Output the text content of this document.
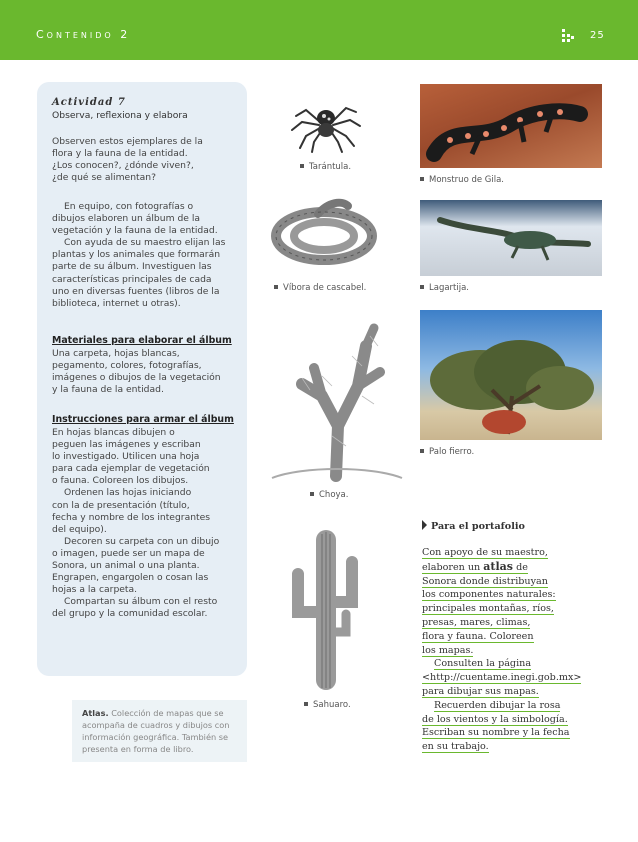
Contenido 2	25
Actividad 7
Observa, reflexiona y elabora

Observen estos ejemplares de la

flora y la fauna de la entidad.

¿Los conocen?, ¿dónde viven?,

¿de qué se alimentan?

En equipo, con fotografías o

dibujos elaboren un álbum de la

vegetación y la fauna de la entidad.

Con ayuda de su maestro elijan las

plantas y los animales que formarán

parte de su álbum. Investiguen las

características principales de cada

uno en diversas fuentes (libros de la

biblioteca, internet u otras).

Materiales para elaborar el álbum

Una carpeta, hojas blancas,

pegamento, colores, fotografías,

imágenes o dibujos de la vegetación

y la fauna de la entidad.

Instrucciones para armar el álbum

En hojas blancas dibujen o

peguen las imágenes y escriban

lo investigado. Utilicen una hoja

para cada ejemplar de vegetación

o fauna. Coloreen los dibujos.

Ordenen las hojas iniciando

con la de presentación (título,

fecha y nombre de los integrantes

del equipo).

Decoren su carpeta con un dibujo

o imagen, puede ser un mapa de

Sonora, un animal o una planta.

Engrapen, engargolen o cosan las

hojas a la carpeta.

Compartan su álbum con el resto

del grupo y la comunidad escolar.

Atlas. Colección de mapas que se
acompaña de cuadros y dibujos con
información geográfica. También se
presenta en forma de libro.
Tarántula.
Monstruo de Gila.
Víbora de cascabel.	Lagartija.
Palo fierro.
Choya.
Sahuaro.
Para el portafolio

Con apoyo de su maestro,

elaboren un atlas de

Sonora donde distribuyan

los componentes naturales:

principales montañas, ríos,

presas, mares, climas,

flora y fauna. Coloreen

los mapas.

Consulten la página

<http://cuentame.inegi.gob.mx>

para dibujar sus mapas.

Recuerden dibujar la rosa

de los vientos y la simbología.

Escriban su nombre y la fecha

en su trabajo.
